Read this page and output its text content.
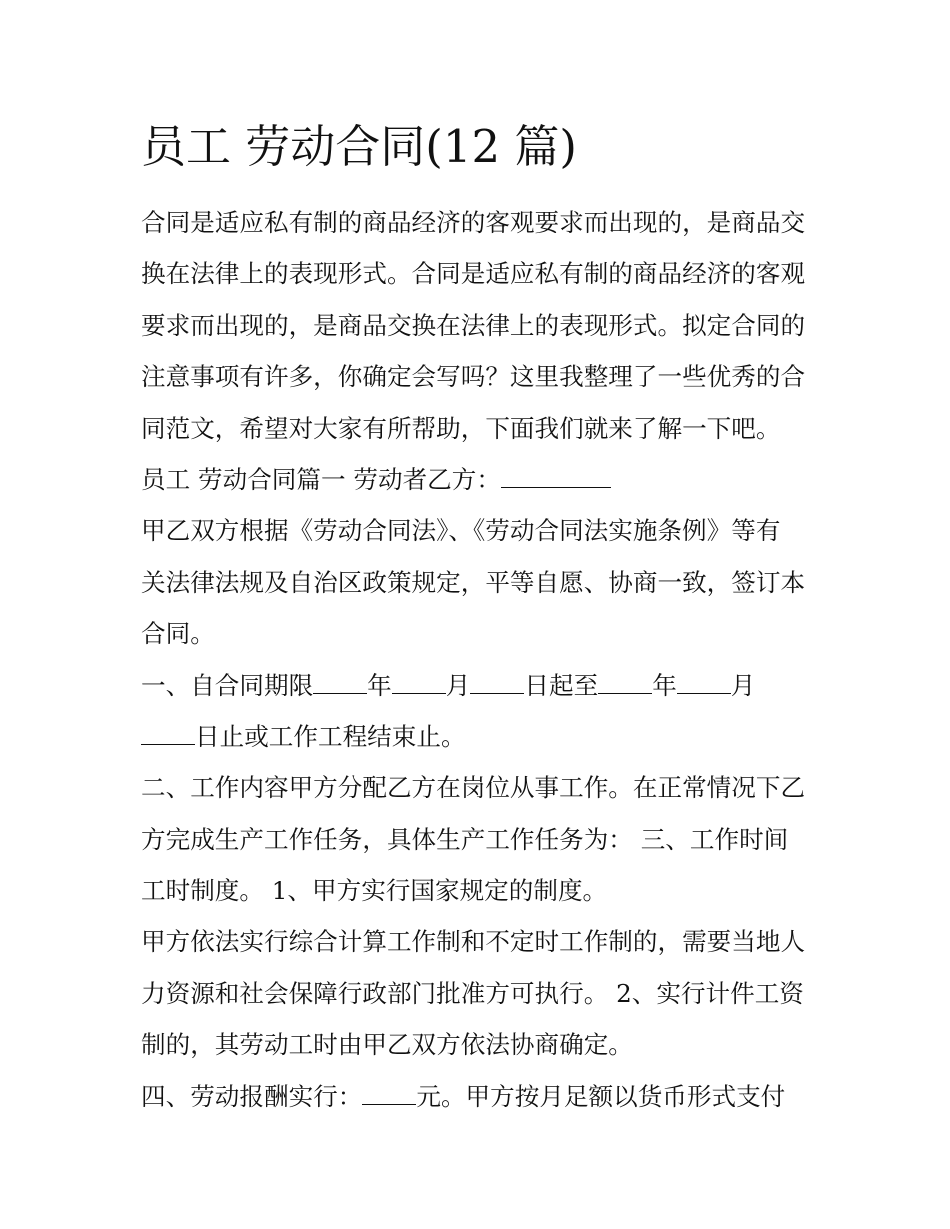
员工 劳动合同(12 篇)
合同是适应私有制的商品经济的客观要求而出现的，是商品交
换在法律上的表现形式。合同是适应私有制的商品经济的客观
要求而出现的，是商品交换在法律上的表现形式。拟定合同的
注意事项有许多，你确定会写吗？这里我整理了一些优秀的合
同范文，希望对大家有所帮助，下面我们就来了解一下吧。
员工 劳动合同篇一 劳动者乙方：
甲乙双方根据《劳动合同法》、《劳动合同法实施条例》等有
关法律法规及自治区政策规定，平等自愿、协商一致，签订本
合同。
一、自合同期限 年 月 日起至 年 月
日止或工作工程结束止。
二、工作内容甲方分配乙方在岗位从事工作。在正常情况下乙
方完成生产工作任务，具体生产工作任务为： 三、工作时间
工时制度。 1、甲方实行国家规定的制度。
甲方依法实行综合计算工作制和不定时工作制的，需要当地人
力资源和社会保障行政部门批准方可执行。 2、实行计件工资
制的，其劳动工时由甲乙双方依法协商确定。
四、劳动报酬实行： 元。甲方按月足额以货币形式支付
